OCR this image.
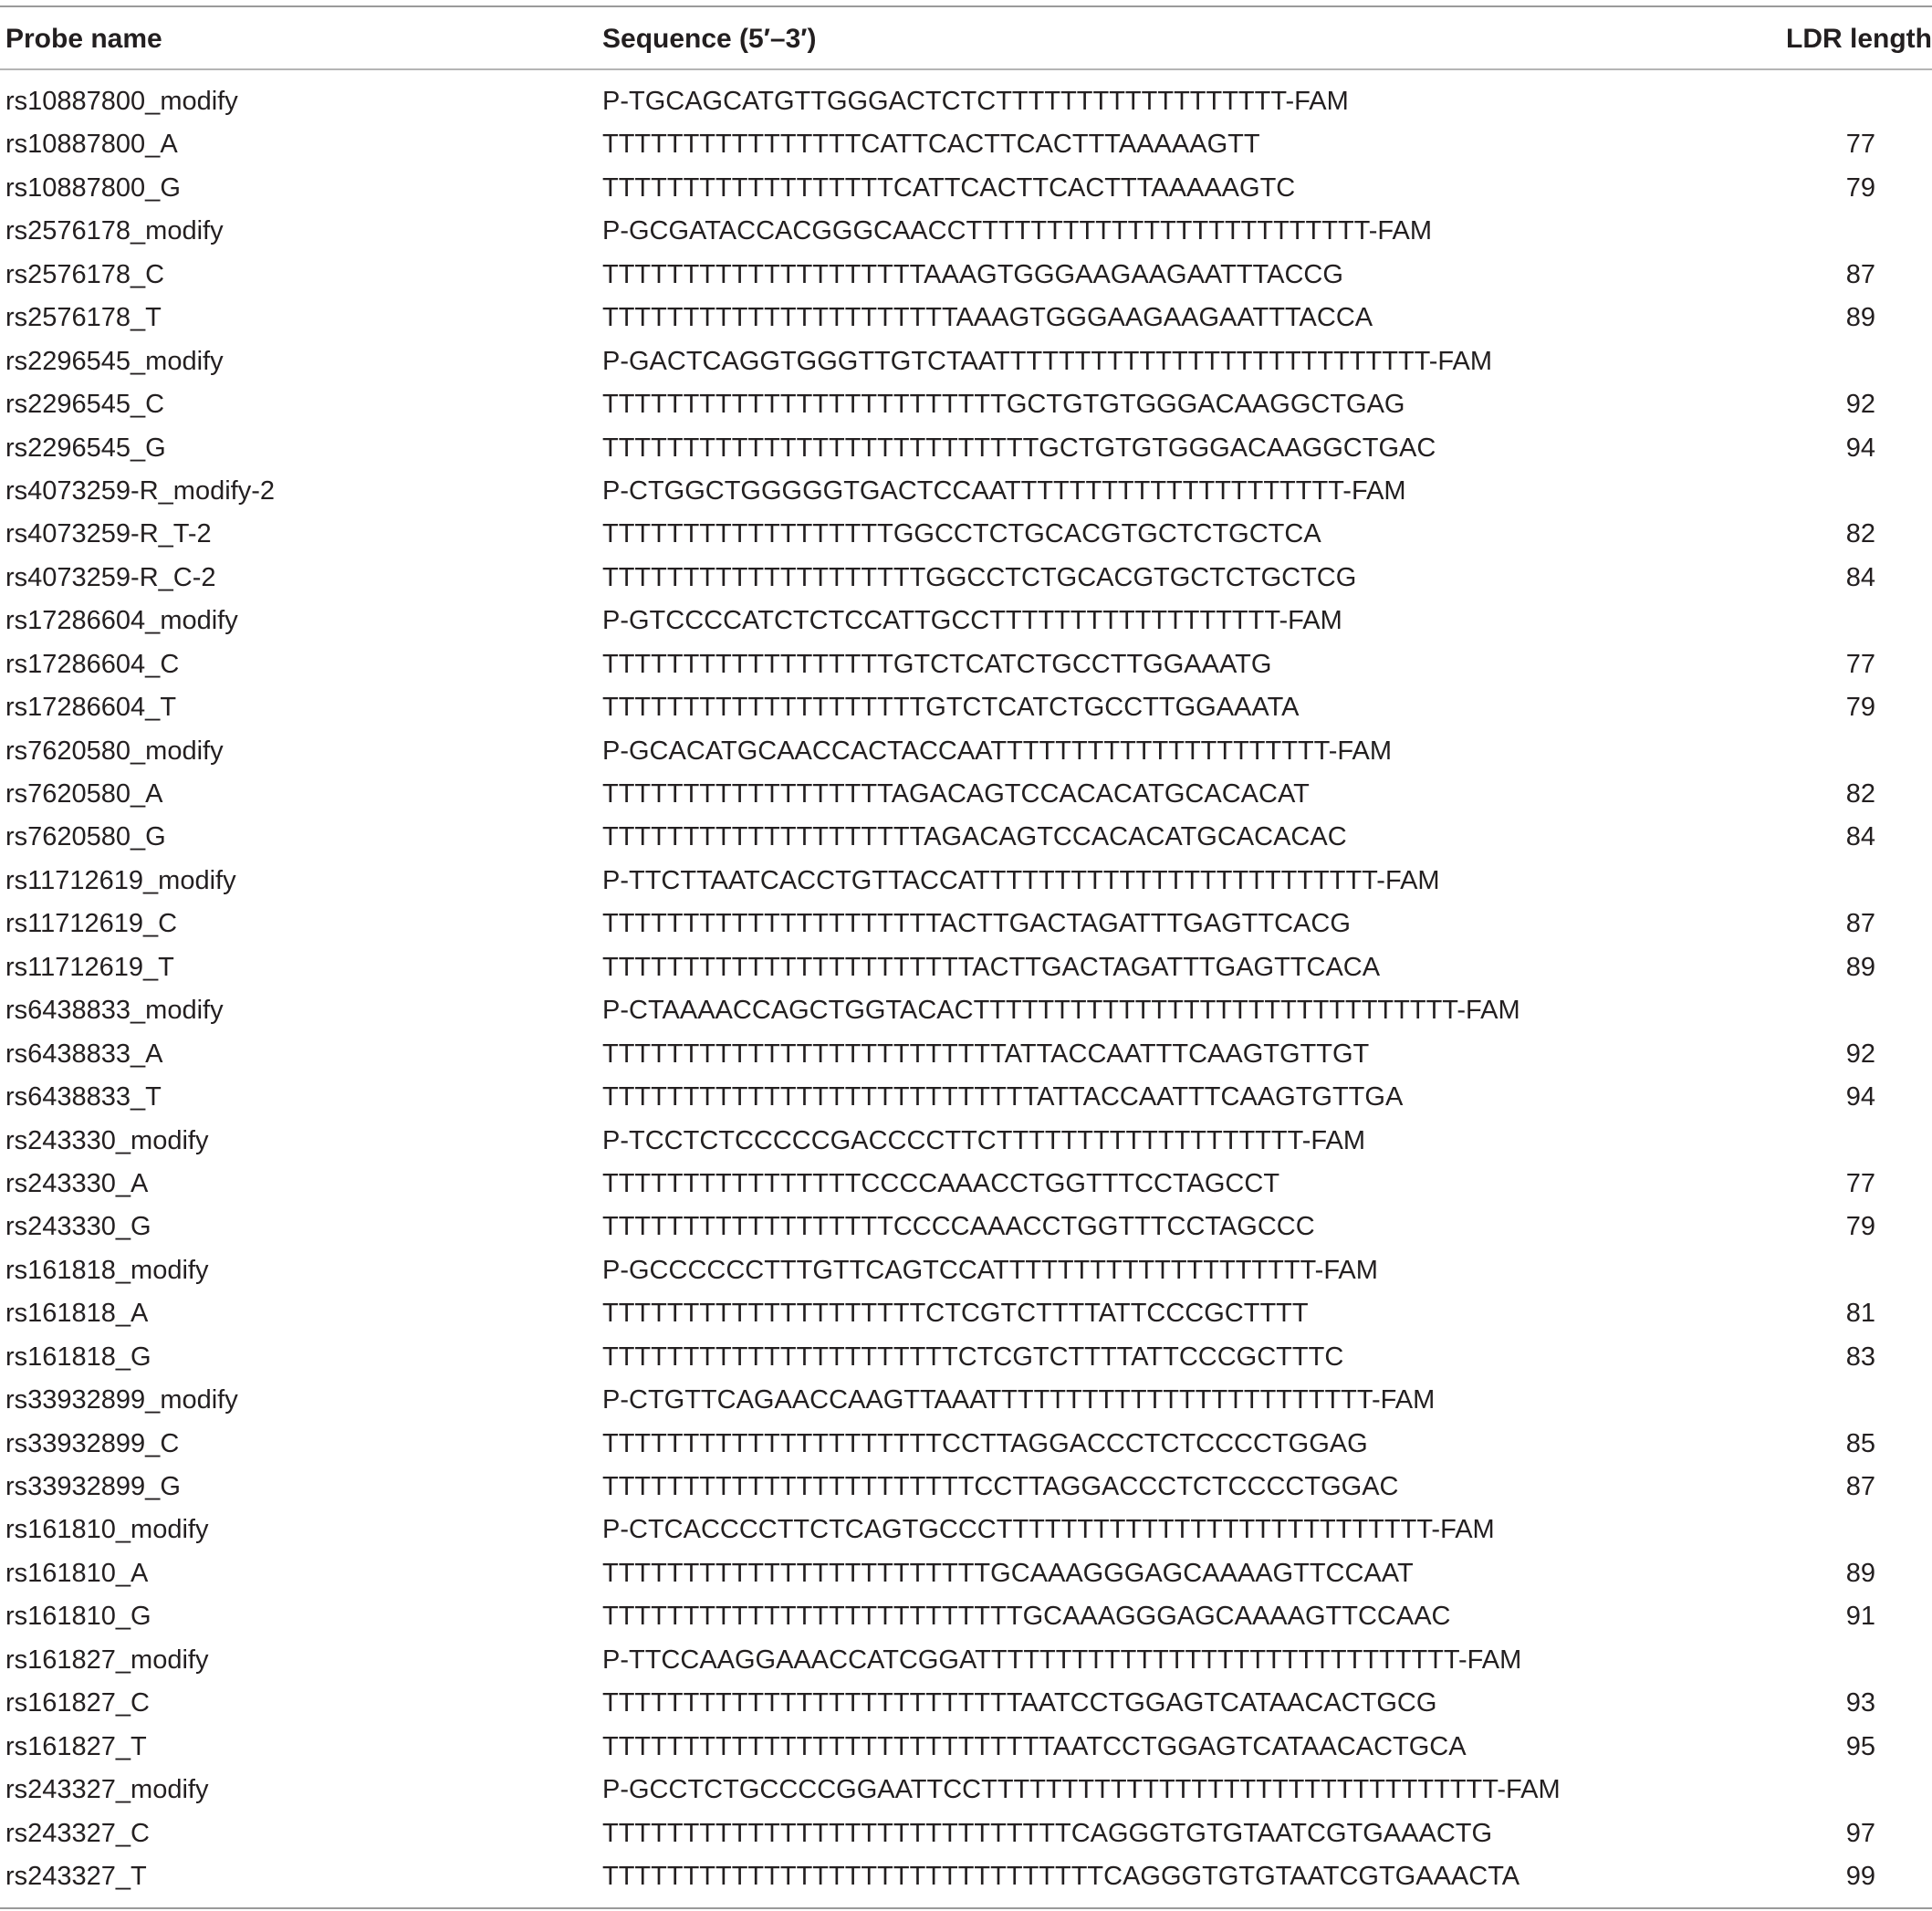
Probe name	Sequence (5′–3′)	LDR length
rs10887800_modify	P-TGCAGCATGTTGGGACTCTCTTTTTTTTTTTTTTTTTT-FAM
rs10887800_A	TTTTTTTTTTTTTTTTCATTCACTTCACTTTAAAAAGTT	77
rs10887800_G	TTTTTTTTTTTTTTTTTTCATTCACTTCACTTTAAAAAGTC	79
rs2576178_modify	P-GCGATACCACGGGCAACCTTTTTTTTTTTTTTTTTTTTTTTTT-FAM
rs2576178_C	TTTTTTTTTTTTTTTTTTTTAAAGTGGGAAGAAGAATTTACCG	87
rs2576178_T	TTTTTTTTTTTTTTTTTTTTTTAAAGTGGGAAGAAGAATTTACCA	89
rs2296545_modify	P-GACTCAGGTGGGTTGTCTAATTTTTTTTTTTTTTTTTTTTTTTTTTT-FAM
rs2296545_C	TTTTTTTTTTTTTTTTTTTTTTTTTGCTGTGTGGGACAAGGCTGAG	92
rs2296545_G	TTTTTTTTTTTTTTTTTTTTTTTTTTTGCTGTGTGGGACAAGGCTGAC	94
rs4073259-R_modify-2	P-CTGGCTGGGGGTGACTCCAATTTTTTTTTTTTTTTTTTTTT-FAM
rs4073259-R_T-2	TTTTTTTTTTTTTTTTTTGGCCTCTGCACGTGCTCTGCTCA	82
rs4073259-R_C-2	TTTTTTTTTTTTTTTTTTTTGGCCTCTGCACGTGCTCTGCTCG	84
rs17286604_modify	P-GTCCCCATCTCTCCATTGCCTTTTTTTTTTTTTTTTTT-FAM
rs17286604_C	TTTTTTTTTTTTTTTTTTGTCTCATCTGCCTTGGAAATG	77
rs17286604_T	TTTTTTTTTTTTTTTTTTTTGTCTCATCTGCCTTGGAAATA	79
rs7620580_modify	P-GCACATGCAACCACTACCAATTTTTTTTTTTTTTTTTTTTT-FAM
rs7620580_A	TTTTTTTTTTTTTTTTTTAGACAGTCCACACATGCACACAT	82
rs7620580_G	TTTTTTTTTTTTTTTTTTTTAGACAGTCCACACATGCACACAC	84
rs11712619_modify	P-TTCTTAATCACCTGTTACCATTTTTTTTTTTTTTTTTTTTTTTTT-FAM
rs11712619_C	TTTTTTTTTTTTTTTTTTTTTACTTGACTAGATTTGAGTTCACG	87
rs11712619_T	TTTTTTTTTTTTTTTTTTTTTTTACTTGACTAGATTTGAGTTCACA	89
rs6438833_modify	P-CTAAAACCAGCTGGTACACTTTTTTTTTTTTTTTTTTTTTTTTTTTTTT-FAM
rs6438833_A	TTTTTTTTTTTTTTTTTTTTTTTTTATTACCAATTTCAAGTGTTGT	92
rs6438833_T	TTTTTTTTTTTTTTTTTTTTTTTTTTTATTACCAATTTCAAGTGTTGA	94
rs243330_modify	P-TCCTCTCCCCCGACCCCTTCTTTTTTTTTTTTTTTTTTT-FAM
rs243330_A	TTTTTTTTTTTTTTTTCCCCAAACCTGGTTTCCTAGCCT	77
rs243330_G	TTTTTTTTTTTTTTTTTTCCCCAAACCTGGTTTCCTAGCCC	79
rs161818_modify	P-GCCCCCCTTTGTTCAGTCCATTTTTTTTTTTTTTTTTTTT-FAM
rs161818_A	TTTTTTTTTTTTTTTTTTTTCTCGTCTTTTATTCCCGCTTTT	81
rs161818_G	TTTTTTTTTTTTTTTTTTTTTTCTCGTCTTTTATTCCCGCTTTC	83
rs33932899_modify	P-CTGTTCAGAACCAAGTTAAATTTTTTTTTTTTTTTTTTTTTTTT-FAM
rs33932899_C	TTTTTTTTTTTTTTTTTTTTTCCTTAGGACCCTCTCCCCTGGAG	85
rs33932899_G	TTTTTTTTTTTTTTTTTTTTTTTCCTTAGGACCCTCTCCCCTGGAC	87
rs161810_modify	P-CTCACCCCTTCTCAGTGCCCTTTTTTTTTTTTTTTTTTTTTTTTTTT-FAM
rs161810_A	TTTTTTTTTTTTTTTTTTTTTTTTGCAAAGGGAGCAAAAGTTCCAAT	89
rs161810_G	TTTTTTTTTTTTTTTTTTTTTTTTTTGCAAAGGGAGCAAAAGTTCCAAC	91
rs161827_modify	P-TTCCAAGGAAACCATCGGATTTTTTTTTTTTTTTTTTTTTTTTTTTTTT-FAM
rs161827_C	TTTTTTTTTTTTTTTTTTTTTTTTTTAATCCTGGAGTCATAACACTGCG	93
rs161827_T	TTTTTTTTTTTTTTTTTTTTTTTTTTTTAATCCTGGAGTCATAACACTGCA	95
rs243327_modify	P-GCCTCTGCCCCGGAATTCCTTTTTTTTTTTTTTTTTTTTTTTTTTTTTTTT-FAM
rs243327_C	TTTTTTTTTTTTTTTTTTTTTTTTTTTTTCAGGGTGTGTAATCGTGAAACTG	97
rs243327_T	TTTTTTTTTTTTTTTTTTTTTTTTTTTTTTTCAGGGTGTGTAATCGTGAAACTA	99
